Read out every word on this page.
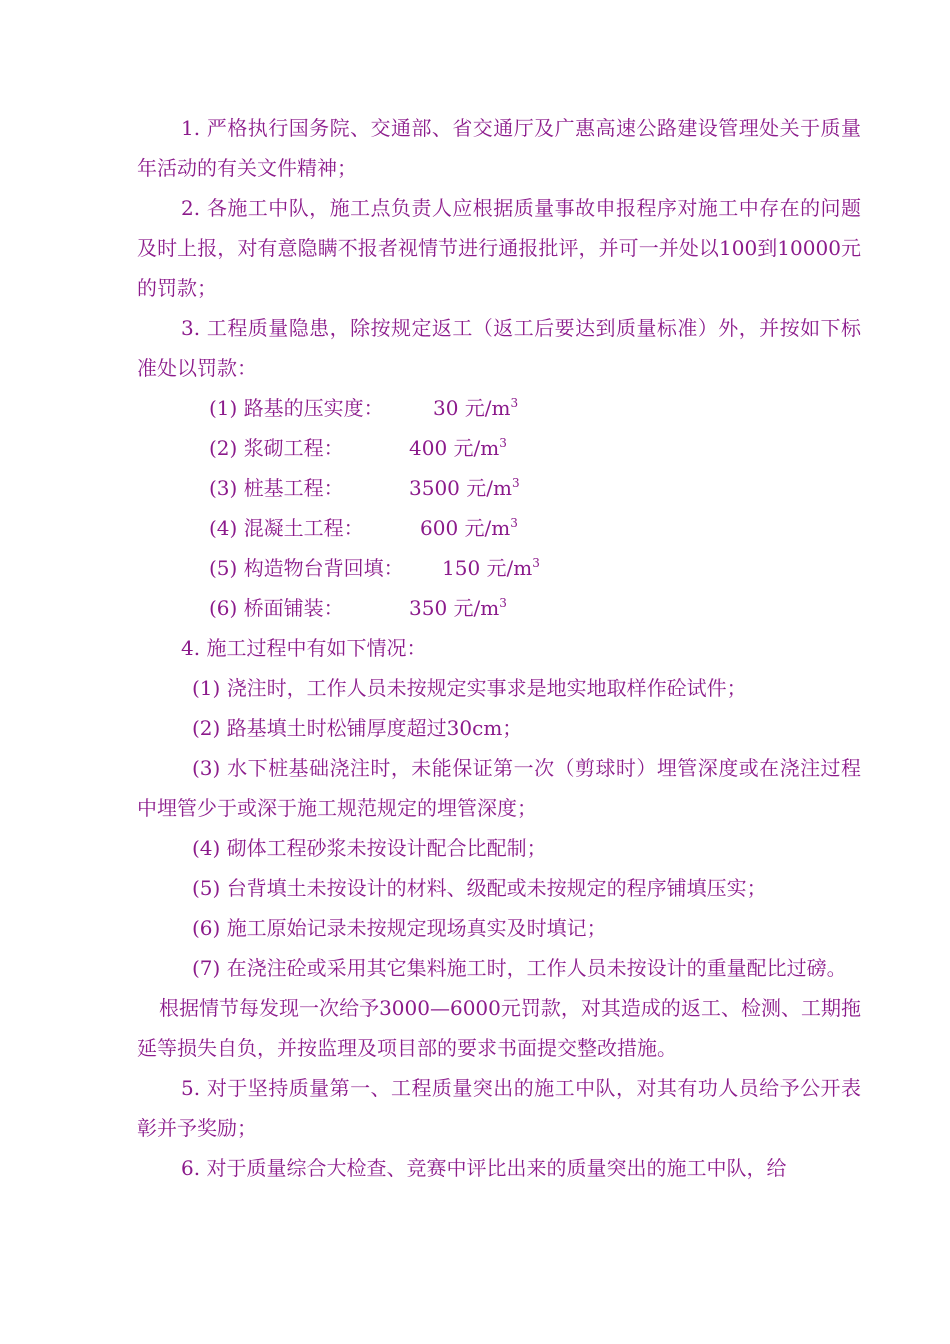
1. 严格执行国务院、交通部、省交通厅及广惠高速公路建设管理处关于质量年活动的有关文件精神；

2. 各施工中队，施工点负责人应根据质量事故申报程序对施工中存在的问题及时上报，对有意隐瞒不报者视情节进行通报批评，并可一并处以100到10000元的罚款；

3. 工程质量隐患，除按规定返工（返工后要达到质量标准）外，并按如下标准处以罚款：

(1) 路基的压实度：	30 元$/m^3$
(2) 浆砌工程：	400 元$/m^3$
(3) 桩基工程：	3500 元$/m^3$
(4) 混凝土工程：	600 元$/m^3$
(5) 构造物台背回填：	150 元$/m^3$
(6) 桥面铺装：	350 元$/m^3$

4. 施工过程中有如下情况：

(1) 浇注时，工作人员未按规定实事求是地实地取样作砼试件；

(2) 路基填土时松铺厚度超过30cm；

(3) 水下桩基础浇注时，未能保证第一次（剪球时）埋管深度或在浇注过程中埋管少于或深于施工规范规定的埋管深度；

(4) 砌体工程砂浆未按设计配合比配制；

(5) 台背填土未按设计的材料、级配或未按规定的程序铺填压实；

(6) 施工原始记录未按规定现场真实及时填记；

(7) 在浇注砼或采用其它集料施工时，工作人员未按设计的重量配比过磅。

根据情节每发现一次给予3000—6000元罚款，对其造成的返工、检测、工期拖延等损失自负，并按监理及项目部的要求书面提交整改措施。

5. 对于坚持质量第一、工程质量突出的施工中队，对其有功人员给予公开表彰并予奖励；

6. 对于质量综合大检查、竞赛中评比出来的质量突出的施工中队，给
